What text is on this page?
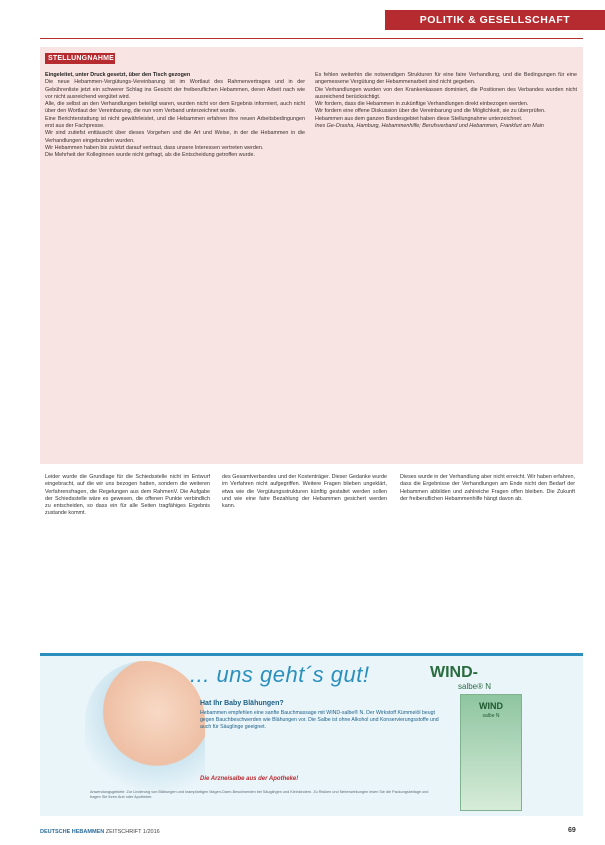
POLITIK & GESELLSCHAFT
STELLUNGNAHME

Eingeleitet, unter Druck gesetzt, über den Tisch gezogen

Die neue Hebammen-Vergütungs-Vereinbarung ist im Wortlaut des Rahmenvertrages und in der Gebührenliste jetzt ein schwerer Schlag ins Gesicht der freiberuflichen Hebammen, deren Arbeit nach wie vor nicht ausreichend vergütet wird.

Alle, die selbst an den Verhandlungen beteiligt waren, wurden nicht vor dem Ergebnis informiert, auch nicht über den Wortlaut der Vereinbarung, die nun vom Verband unterzeichnet wurde.

Eine Berichterstattung ist nicht gewährleistet, und die Hebammen erfahren ihre neuen Arbeitsbedingungen erst aus der Fachpresse.

Wir sind zutiefst enttäuscht über dieses Vorgehen und die Art und Weise, in der die Hebammen in die Verhandlungen eingebunden wurden.

Wir Hebammen haben bis zuletzt darauf vertraut, dass unsere Interessen vertreten werden.

Die Mehrheit der Kolleginnen wurde nicht gefragt, als die Entscheidung getroffen wurde.

Es fehlen weiterhin die notwendigen Strukturen für eine faire Verhandlung, und die Bedingungen für eine angemessene Vergütung der Hebammenarbeit sind nicht gegeben.

Die Verhandlungen wurden von den Krankenkassen dominiert, die Positionen des Verbandes wurden nicht ausreichend berücksichtigt.

Wir fordern, dass die Hebammen in zukünftige Verhandlungen direkt einbezogen werden.

Wir fordern eine offene Diskussion über die Vereinbarung und die Möglichkeit, sie zu überprüfen.

Hebammen aus dem ganzen Bundesgebiet haben diese Stellungnahme unterzeichnet.

Ines Ge-Orasha, Hamburg, Hebammenhilfe; Berufsverband und Hebammen, Frankfurt am Main

Leider wurde die Grundlage für die Schiedsstelle nicht im Entwurf eingebracht, auf die wir uns bezogen hatten, sondern die weiteren Verfahrensfragen, die Regelungen aus dem RahmenV. Die Aufgabe der Schiedsstelle wäre es gewesen, die offenen Punkte verbindlich zu entscheiden, so dass ein für alle Seiten tragfähiges Ergebnis zustande kommt.

des Gesamtverbandes und der Kostenträger. Dieser Gedanke wurde im Verfahren nicht aufgegriffen. Weitere Fragen blieben ungeklärt, etwa wie die Vergütungsstrukturen künftig gestaltet werden sollen und wie eine faire Bezahlung der Hebammen gesichert werden kann.

Dieses wurde in der Verhandlung aber nicht erreicht. Wir haben erfahren, dass die Ergebnisse der Verhandlungen am Ende nicht den Bedarf der Hebammen abbilden und zahlreiche Fragen offen bleiben. Die Zukunft der freiberuflichen Hebammenhilfe hängt davon ab.

... uns geht´s gut!	WIND-
salbe® N
Hat Ihr Baby Blähungen?
Hebammen empfehlen eine sanfte Bauchmassage mit WIND-salbe® N. Der Wirkstoff Kümmelöl beugt gegen Bauchbeschwerden wie Blähungen vor. Die Salbe ist ohne Alkohol und Konservierungsstoffe und auch für Säuglinge geeignet.
Die Arzneisalbe aus der Apotheke!
Anwendungsgebiete: Zur Linderung von Blähungen und krampfartigen Magen-Darm-Beschwerden bei Säuglingen und Kleinkindern. Zu Risiken und Nebenwirkungen lesen Sie die Packungsbeilage und fragen Sie Ihren Arzt oder Apotheker.
WIND
salbe N
DEUTSCHE HEBAMMEN ZEITSCHRIFT 1/2016	69
